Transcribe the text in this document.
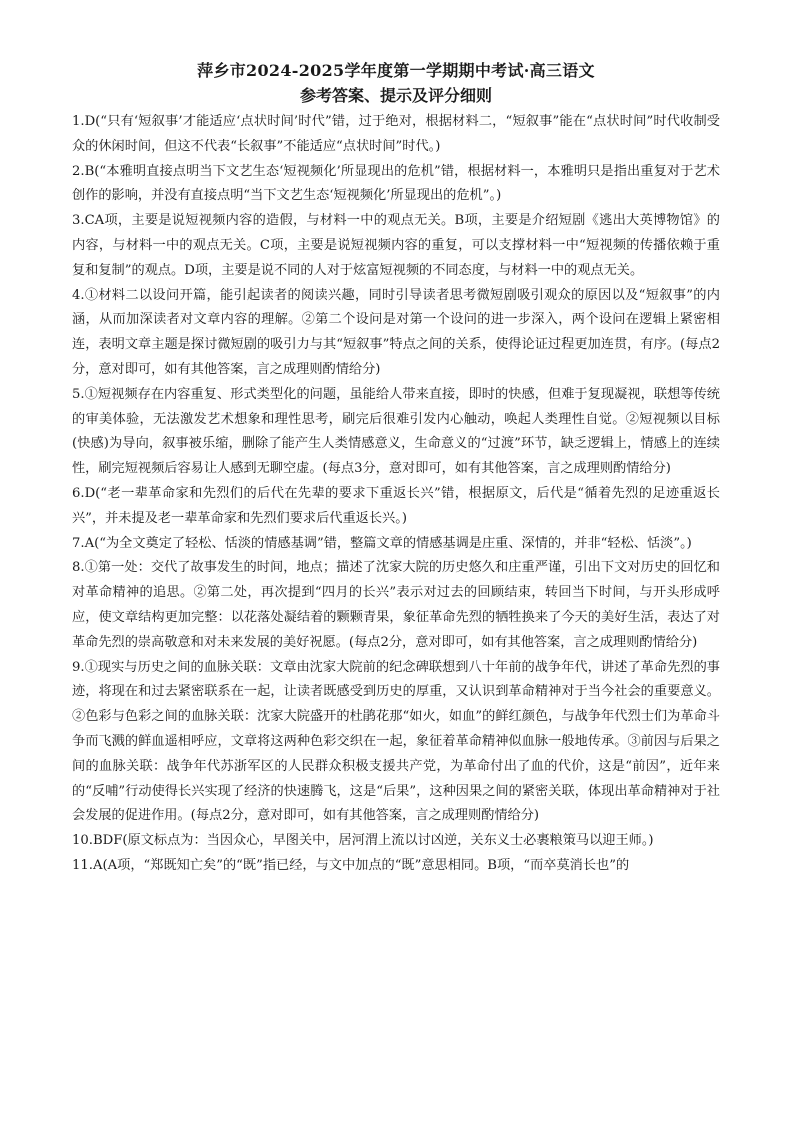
萍乡市2024-2025学年度第一学期期中考试·高三语文
参考答案、提示及评分细则

1.D(“只有‘短叙事’才能适应‘点状时间’时代”错，过于绝对，根据材料二，“短叙事”能在“点状时间”时代收制受众的休闲时间，但这不代表“长叙事”不能适应“点状时间”时代。)

2.B(“本雅明直接点明当下文艺生态‘短视频化’所显现出的危机”错，根据材料一，本雅明只是指出重复对于艺术创作的影响，并没有直接点明“当下文艺生态‘短视频化’所显现出的危机”。)

3.CA项，主要是说短视频内容的造假，与材料一中的观点无关。B项，主要是介绍短剧《逃出大英博物馆》的内容，与材料一中的观点无关。C项，主要是说短视频内容的重复，可以支撑材料一中“短视频的传播依赖于重复和复制”的观点。D项，主要是说不同的人对于炫富短视频的不同态度，与材料一中的观点无关。

4.①材料二以设问开篇，能引起读者的阅读兴趣，同时引导读者思考微短剧吸引观众的原因以及“短叙事”的内涵，从而加深读者对文章内容的理解。②第二个设问是对第一个设问的进一步深入，两个设问在逻辑上紧密相连，表明文章主题是探讨微短剧的吸引力与其“短叙事”特点之间的关系，使得论证过程更加连贯，有序。(每点2分，意对即可，如有其他答案，言之成理则酌情给分)

5.①短视频存在内容重复、形式类型化的问题，虽能给人带来直接，即时的快感，但难于复现凝视，联想等传统的审美体验，无法激发艺术想象和理性思考，刷完后很难引发内心触动，唤起人类理性自觉。②短视频以目标(快感)为导向，叙事被乐缩，删除了能产生人类情感意义，生命意义的“过渡”环节，缺乏逻辑上，情感上的连续性，刷完短视频后容易让人感到无聊空虚。(每点3分，意对即可，如有其他答案，言之成理则酌情给分)

6.D(“老一辈革命家和先烈们的后代在先辈的要求下重返长兴”错，根据原文，后代是“循着先烈的足迹重返长兴”，并未提及老一辈革命家和先烈们要求后代重返长兴。)

7.A(“为全文奠定了轻松、恬淡的情感基调”错，整篇文章的情感基调是庄重、深情的，并非“轻松、恬淡”。)

8.①第一处：交代了故事发生的时间，地点；描述了沈家大院的历史悠久和庄重严谨，引出下文对历史的回忆和对革命精神的追思。②第二处，再次提到“四月的长兴”表示对过去的回顾结束，转回当下时间，与开头形成呼应，使文章结构更加完整：以花落处凝结着的颗颗青果，象征革命先烈的牺牲换来了今天的美好生活，表达了对革命先烈的崇高敬意和对未来发展的美好祝愿。(每点2分，意对即可，如有其他答案，言之成理则酌情给分)

9.①现实与历史之间的血脉关联：文章由沈家大院前的纪念碑联想到八十年前的战争年代，讲述了革命先烈的事迹，将现在和过去紧密联系在一起，让读者既感受到历史的厚重，又认识到革命精神对于当今社会的重要意义。②色彩与色彩之间的血脉关联：沈家大院盛开的杜鹃花那“如火，如血”的鲜红颜色，与战争年代烈士们为革命斗争而飞溅的鲜血遥相呼应，文章将这两种色彩交织在一起，象征着革命精神似血脉一般地传承。③前因与后果之间的血脉关联：战争年代苏浙军区的人民群众积极支援共产党，为革命付出了血的代价，这是“前因”，近年来的“反哺”行动使得长兴实现了经济的快速腾飞，这是“后果”，这种因果之间的紧密关联，体现出革命精神对于社会发展的促进作用。(每点2分，意对即可，如有其他答案，言之成理则酌情给分)

10.BDF(原文标点为：当因众心，早图关中，居河渭上流以讨凶逆，关东义士必裹粮策马以迎王师。)

11.A(A项，“郑既知亡矣”的“既”指已经，与文中加点的“既”意思相同。B项，“而卒莫消长也”的
